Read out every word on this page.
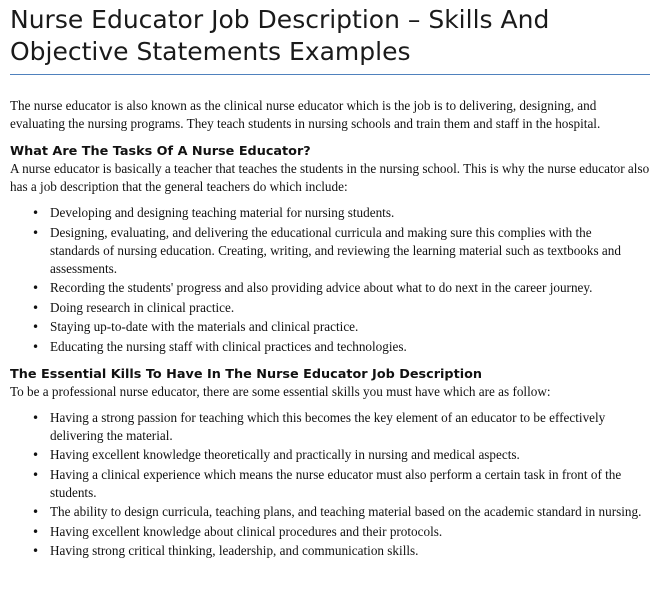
Nurse Educator Job Description – Skills And Objective Statements Examples

The nurse educator is also known as the clinical nurse educator which is the job is to delivering, designing, and evaluating the nursing programs. They teach students in nursing schools and train them and staff in the hospital.

What Are The Tasks Of A Nurse Educator?

A nurse educator is basically a teacher that teaches the students in the nursing school. This is why the nurse educator also has a job description that the general teachers do which include:

• Developing and designing teaching material for nursing students.
• Designing, evaluating, and delivering the educational curricula and making sure this complies with the standards of nursing education. Creating, writing, and reviewing the learning material such as textbooks and assessments.
• Recording the students' progress and also providing advice about what to do next in the career journey.
• Doing research in clinical practice.
• Staying up-to-date with the materials and clinical practice.
• Educating the nursing staff with clinical practices and technologies.
The Essential Kills To Have In The Nurse Educator Job Description

To be a professional nurse educator, there are some essential skills you must have which are as follow:

• Having a strong passion for teaching which this becomes the key element of an educator to be effectively delivering the material.
• Having excellent knowledge theoretically and practically in nursing and medical aspects.
• Having a clinical experience which means the nurse educator must also perform a certain task in front of the students.
• The ability to design curricula, teaching plans, and teaching material based on the academic standard in nursing.
• Having excellent knowledge about clinical procedures and their protocols.
• Having strong critical thinking, leadership, and communication skills.
